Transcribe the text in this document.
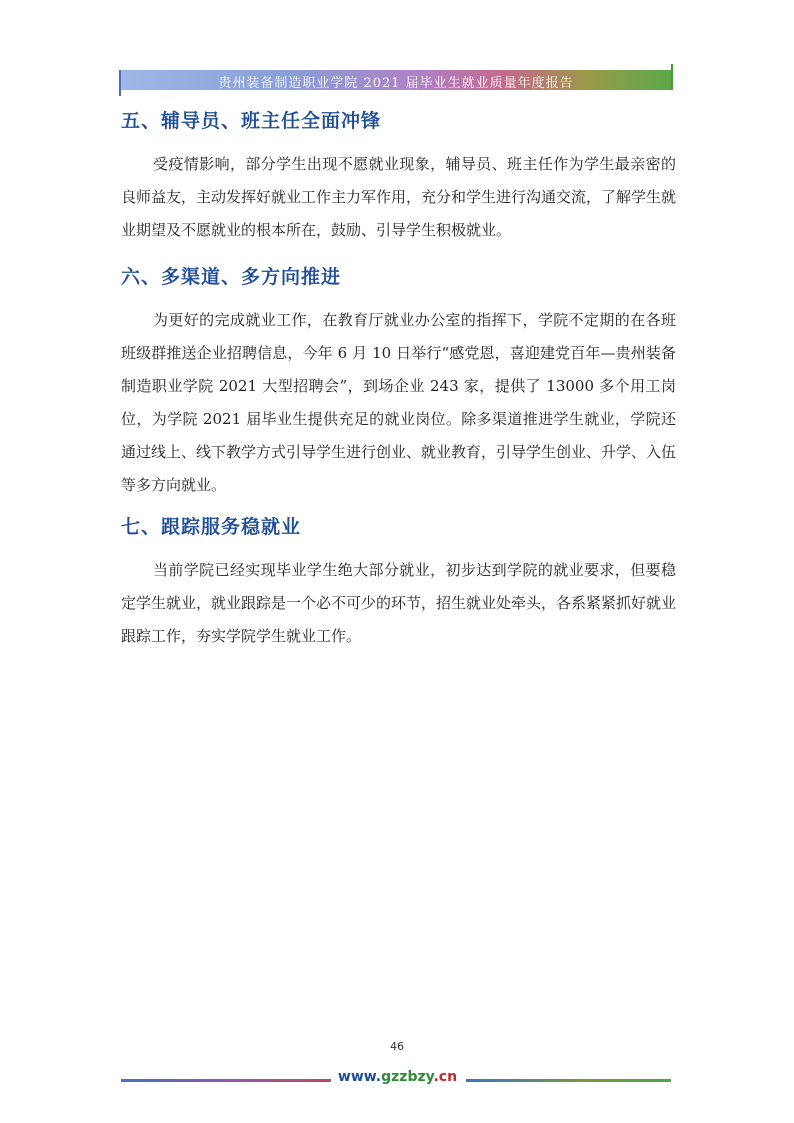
贵州装备制造职业学院 2021 届毕业生就业质量年度报告
五、辅导员、班主任全面冲锋

受疫情影响，部分学生出现不愿就业现象，辅导员、班主任作为学生最亲密的良师益友，主动发挥好就业工作主力军作用，充分和学生进行沟通交流，了解学生就业期望及不愿就业的根本所在，鼓励、引导学生积极就业。

六、多渠道、多方向推进

为更好的完成就业工作，在教育厅就业办公室的指挥下，学院不定期的在各班班级群推送企业招聘信息，今年 6 月 10 日举行“感党恩，喜迎建党百年—贵州装备制造职业学院 2021 大型招聘会”，到场企业 243 家，提供了 13000 多个用工岗位，为学院 2021 届毕业生提供充足的就业岗位。除多渠道推进学生就业，学院还通过线上、线下教学方式引导学生进行创业、就业教育，引导学生创业、升学、入伍等多方向就业。

七、跟踪服务稳就业

当前学院已经实现毕业学生绝大部分就业，初步达到学院的就业要求，但要稳定学生就业，就业跟踪是一个必不可少的环节，招生就业处牵头，各系紧紧抓好就业跟踪工作，夯实学院学生就业工作。

46
www.gzzbzy.cn
